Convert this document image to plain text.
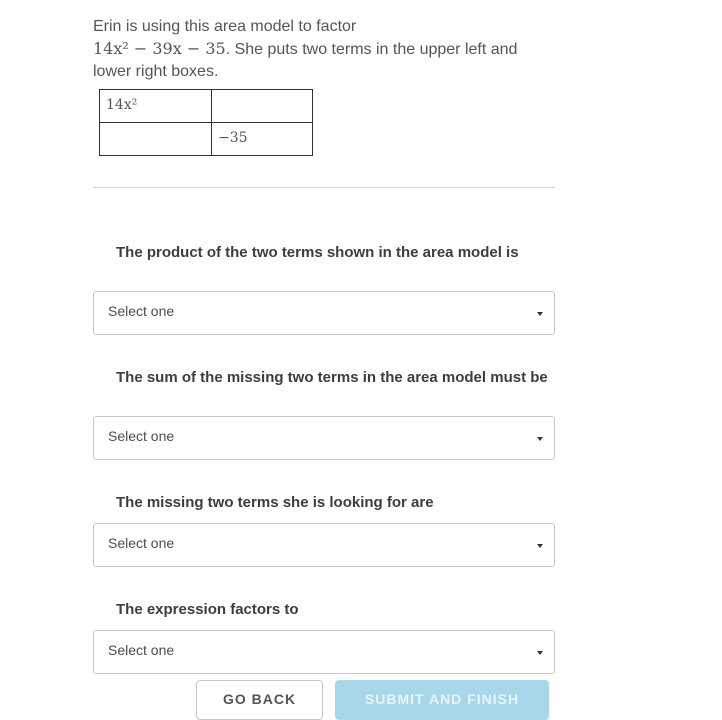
Erin is using this area model to factor
14x² − 39x − 35. She puts two terms in the upper left and lower right boxes.
14x²	
	−35
The product of the two terms shown in the area model is
Select one
The sum of the missing two terms in the area model must be
Select one
The missing two terms she is looking for are
Select one
The expression factors to
Select one
GO BACK	SUBMIT AND FINISH
